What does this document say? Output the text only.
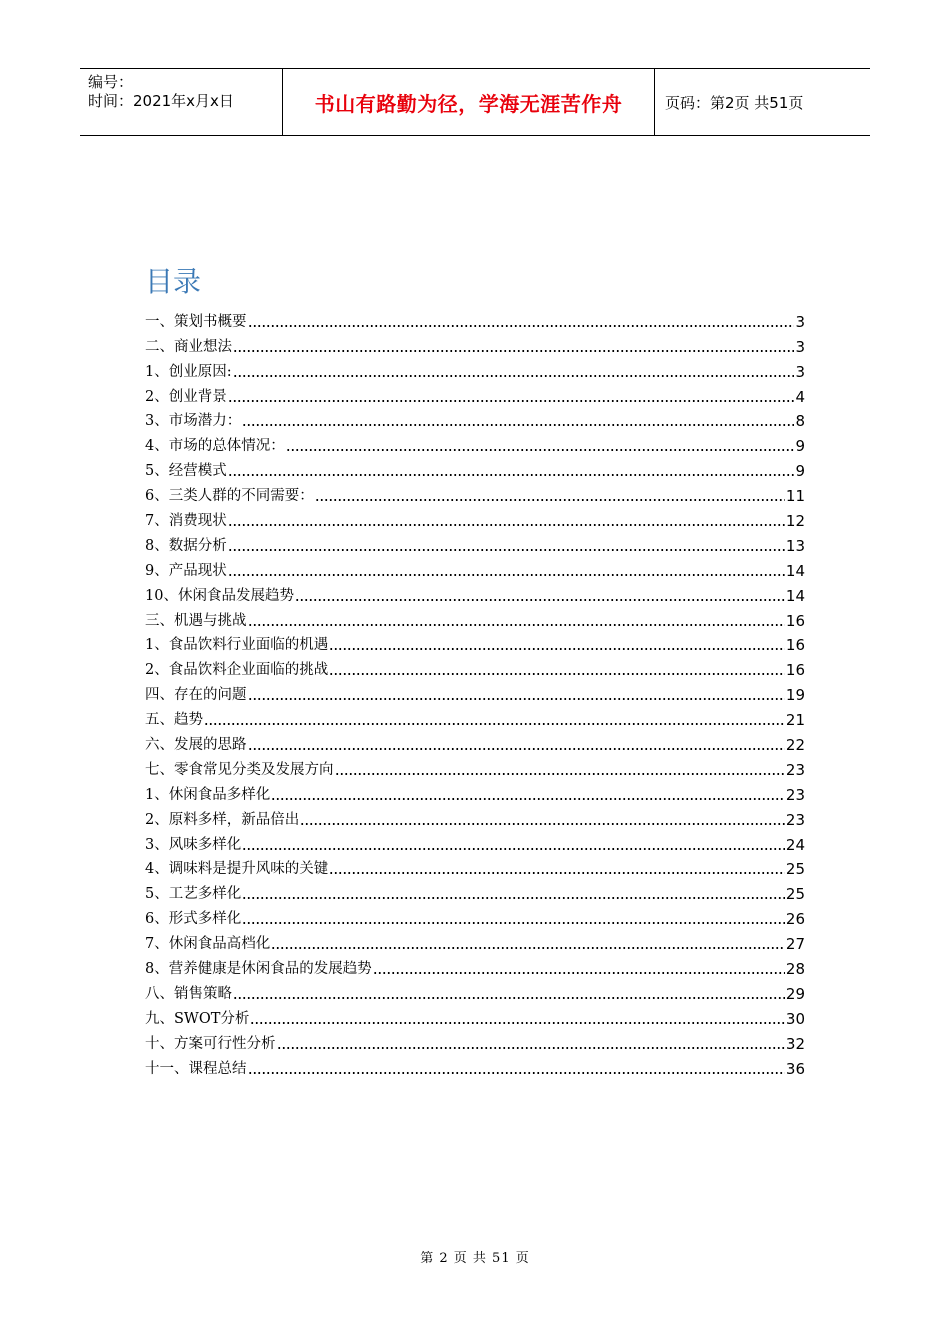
编号：
时间：2021年x月x日	书山有路勤为径，学海无涯苦作舟	页码：第2页 共51页
目录
一、策划书概要	3
二、商业想法	3
1、创业原因:	3
2、创业背景	4
3、市场潜力：	8
4、市场的总体情况：	9
5、经营模式	9
6、三类人群的不同需要：	11
7、消费现状	12
8、数据分析	13
9、产品现状	14
10、休闲食品发展趋势	14
三、机遇与挑战	16
1、食品饮料行业面临的机遇	16
2、食品饮料企业面临的挑战	16
四、存在的问题	19
五、趋势	21
六、发展的思路	22
七、零食常见分类及发展方向	23
1、休闲食品多样化	23
2、原料多样，新品倍出	23
3、风味多样化	24
4、调味料是提升风味的关键	25
5、工艺多样化	25
6、形式多样化	26
7、休闲食品高档化	27
8、营养健康是休闲食品的发展趋势	28
八、销售策略	29
九、SWOT分析	30
十、方案可行性分析	32
十一、课程总结	36
第 2 页 共 51 页
